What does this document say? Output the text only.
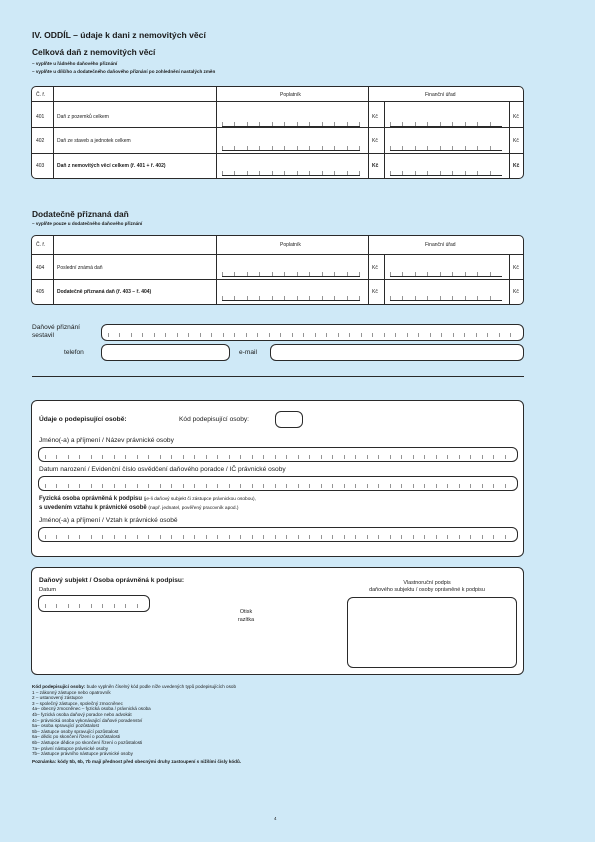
IV. ODDÍL – údaje k dani z nemovitých věcí
Celková daň z nemovitých věcí
– vyplňte u řádného daňového přiznání
– vyplňte u dílčího a dodatečného daňového přiznání po zohlednění nastalých změn
Č. ř.	Poplatník	Finanční úřad
401	Daň z pozemků celkem	Kč	Kč
402	Daň ze staveb a jednotek celkem	Kč	Kč
403	Daň z nemovitých věcí celkem (ř. 401 + ř. 402)	Kč	Kč
Dodatečně přiznaná daň
– vyplňte pouze u dodatečného daňového přiznání
Č. ř.	Poplatník	Finanční úřad
404	Poslední známá daň	Kč	Kč
405	Dodatečně přiznaná daň (ř. 403 – ř. 404)	Kč	Kč
Daňové přiznání sestavil
telefon	e-mail
Údaje o podepisující osobě:	Kód podepisující osoby:
Jméno(-a) a příjmení / Název právnické osoby
Datum narození / Evidenční číslo osvědčení daňového poradce / IČ právnické osoby
Fyzická osoba oprávněná k podpisu (je-li daňový subjekt či zástupce právnickou osobou),
s uvedením vztahu k právnické osobě (např. jednatel, pověřený pracovník apod.)
Jméno(-a) a příjmení / Vztah k právnické osobě
Daňový subjekt / Osoba oprávněná k podpisu:
Datum
Otisk
razítka
Vlastnoruční podpis
daňového subjektu / osoby oprávněné k podpisu
Kód podepisující osoby: bude vyplněn číselný kód podle níže uvedených typů podepisujících osob
1 – zákonný zástupce nebo opatrovník
2 – ustanovený zástupce
3 – společný zástupce, společný zmocněnec
4a– obecný zmocněnec – fyzická osoba / právnická osoba
4b– fyzická osoba daňový poradce nebo advokát
4c– právnická osoba vykonávající daňové poradenství
5a– osoba spravující pozůstalost
5b– zástupce osoby spravující pozůstalost
6a– dědic po skončení řízení o pozůstalosti
6b– zástupce dědice po skončení řízení o pozůstalosti
7a– právní nástupce právnické osoby
7b– zástupce právního nástupce právnické osoby
Poznámka: kódy 5b, 6b, 7b mají přednost před obecnými druhy zastoupení s nižšími čísly kódů.
4
